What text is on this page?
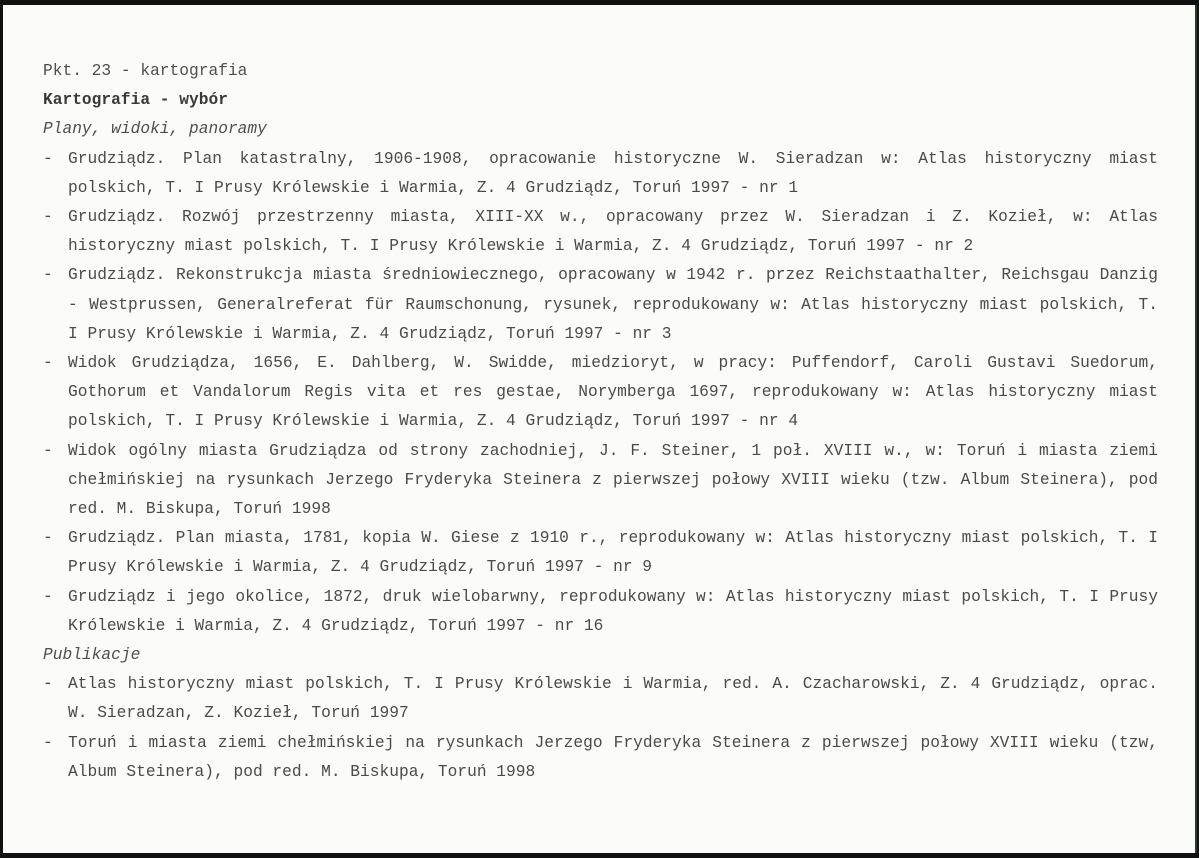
Pkt. 23 - kartografia
Kartografia - wybór
Plany, widoki, panoramy
- Grudziądz. Plan katastralny, 1906-1908, opracowanie historyczne W. Sieradzan w: Atlas historyczny miast polskich, T. I Prusy Królewskie i Warmia, Z. 4 Grudziądz, Toruń 1997 - nr 1
- Grudziądz. Rozwój przestrzenny miasta, XIII-XX w., opracowany przez W. Sieradzan i Z. Kozieł, w: Atlas historyczny miast polskich, T. I Prusy Królewskie i Warmia, Z. 4 Grudziądz, Toruń 1997 - nr 2
- Grudziądz. Rekonstrukcja miasta średniowiecznego, opracowany w 1942 r. przez Reichstaathalter, Reichsgau Danzig - Westprussen, Generalreferat für Raumschonung, rysunek, reprodukowany w: Atlas historyczny miast polskich, T. I Prusy Królewskie i Warmia, Z. 4 Grudziądz, Toruń 1997 - nr 3
- Widok Grudziądza, 1656, E. Dahlberg, W. Swidde, miedzioryt, w pracy: Puffendorf, Caroli Gustavi Suedorum, Gothorum et Vandalorum Regis vita et res gestae, Norymberga 1697, reprodukowany w: Atlas historyczny miast polskich, T. I Prusy Królewskie i Warmia, Z. 4 Grudziądz, Toruń 1997 - nr 4
- Widok ogólny miasta Grudziądza od strony zachodniej, J. F. Steiner, 1 poł. XVIII w., w: Toruń i miasta ziemi chełmińskiej na rysunkach Jerzego Fryderyka Steinera z pierwszej połowy XVIII wieku (tzw. Album Steinera), pod red. M. Biskupa, Toruń 1998
- Grudziądz. Plan miasta, 1781, kopia W. Giese z 1910 r., reprodukowany w: Atlas historyczny miast polskich, T. I Prusy Królewskie i Warmia, Z. 4 Grudziądz, Toruń 1997 - nr 9
- Grudziądz i jego okolice, 1872, druk wielobarwny, reprodukowany w: Atlas historyczny miast polskich, T. I Prusy Królewskie i Warmia, Z. 4 Grudziądz, Toruń 1997 - nr 16
Publikacje
- Atlas historyczny miast polskich, T. I Prusy Królewskie i Warmia, red. A. Czacharowski, Z. 4 Grudziądz, oprac. W. Sieradzan, Z. Kozieł, Toruń 1997
- Toruń i miasta ziemi chełmińskiej na rysunkach Jerzego Fryderyka Steinera z pierwszej połowy XVIII wieku (tzw, Album Steinera), pod red. M. Biskupa, Toruń 1998
